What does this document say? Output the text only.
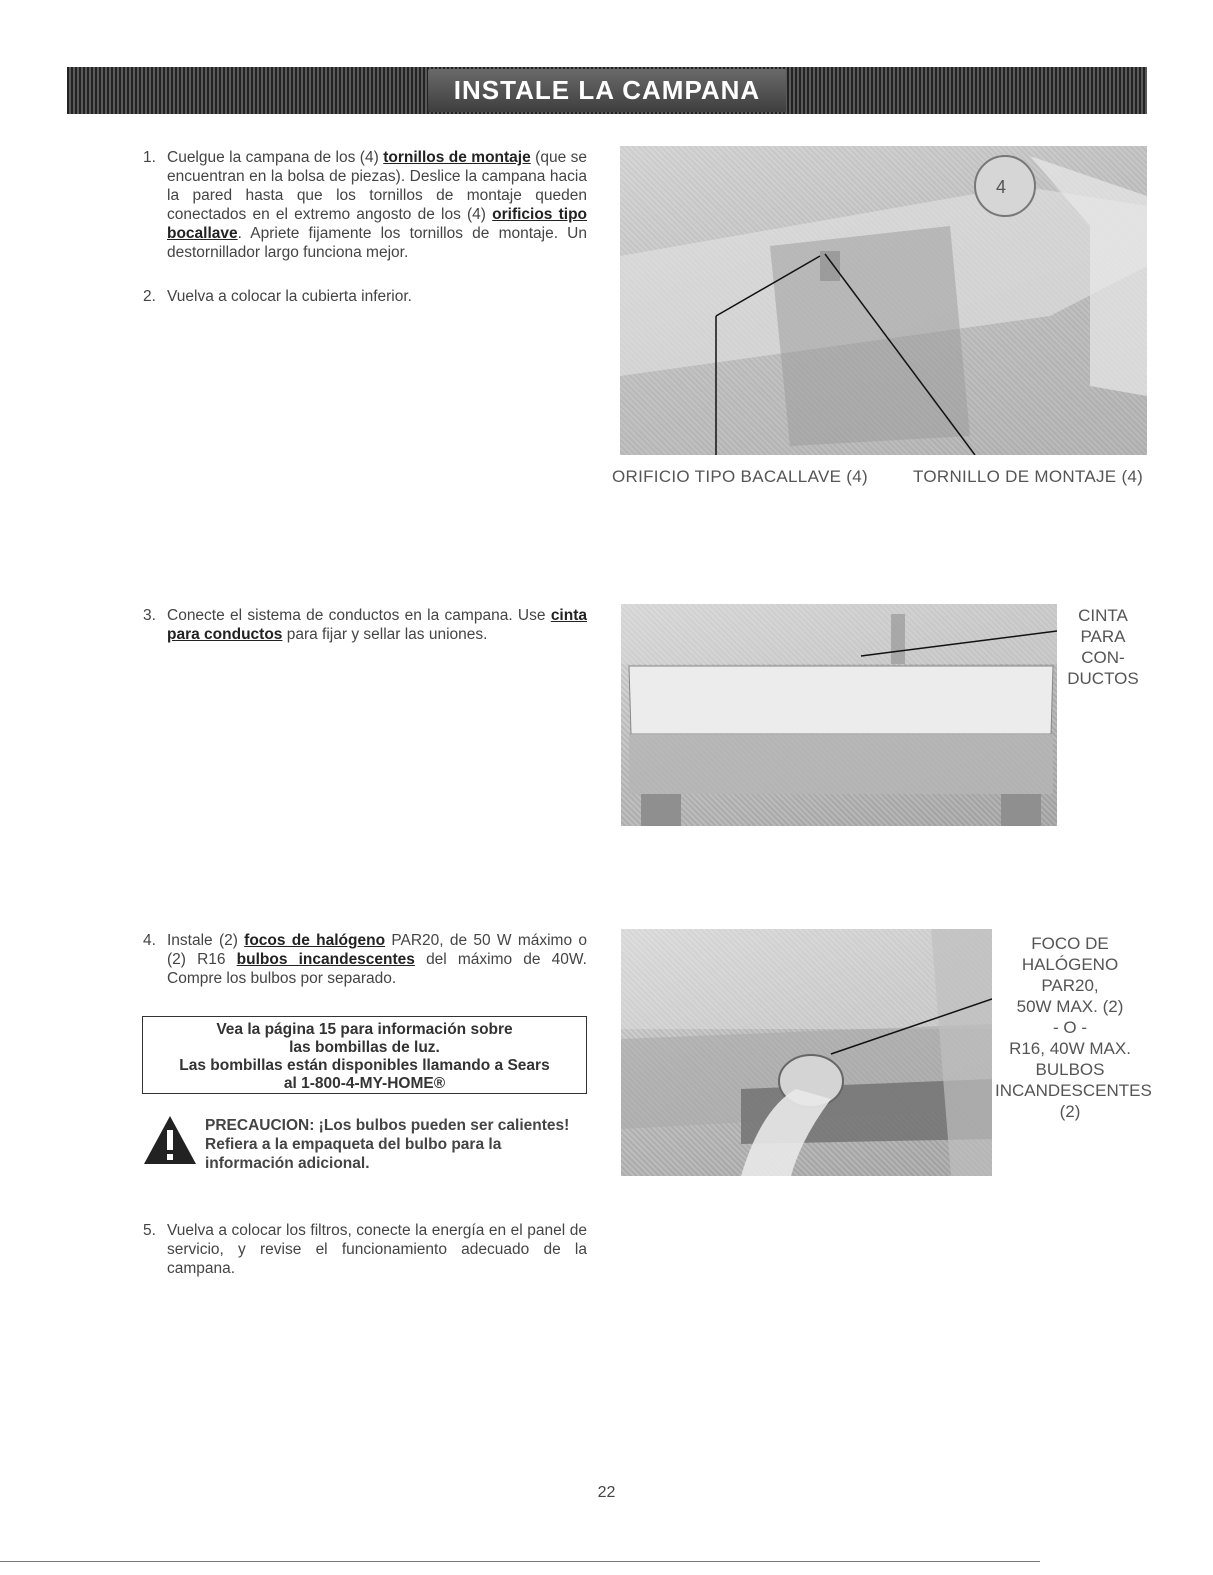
INSTALE LA CAMPANA
1. Cuelgue la campana de los (4) tornillos de montaje (que se encuentran en la bolsa de piezas). Deslice la campana hacia la pared hasta que los tornillos de montaje queden conectados en el extremo angosto de los (4) orificios tipo bocallave. Apriete fijamente los tornillos de montaje. Un destornillador largo funciona mejor.

2. Vuelva a colocar la cubierta inferior.

3. Conecte el sistema de conductos en la campana. Use cinta para conductos para fijar y sellar las uniones.

4. Instale (2) focos de halógeno PAR20, de 50 W máximo o (2) R16 bulbos incandescentes del máximo de 40W. Compre los bulbos por separado.

5. Vuelva a colocar los filtros, conecte la energía en el panel de servicio, y revise el funcionamiento adecuado de la campana.

4
ORIFICIO TIPO BACALLAVE (4)	TORNILLO DE MONTAJE (4)
CINTA
PARA
CON-
DUCTOS
FOCO DE
HALÓGENO
PAR20,
50W MAX. (2)
- O -
R16, 40W MAX.
BULBOS
INCANDESCENTES
(2)
Vea la página 15 para información sobre
las bombillas de luz.
Las bombillas están disponibles llamando a Sears
al 1-800-4-MY-HOME®
PRECAUCION: ¡Los bulbos pueden ser calientes! Refiera a la empaqueta del bulbo para la información adicional.
22
